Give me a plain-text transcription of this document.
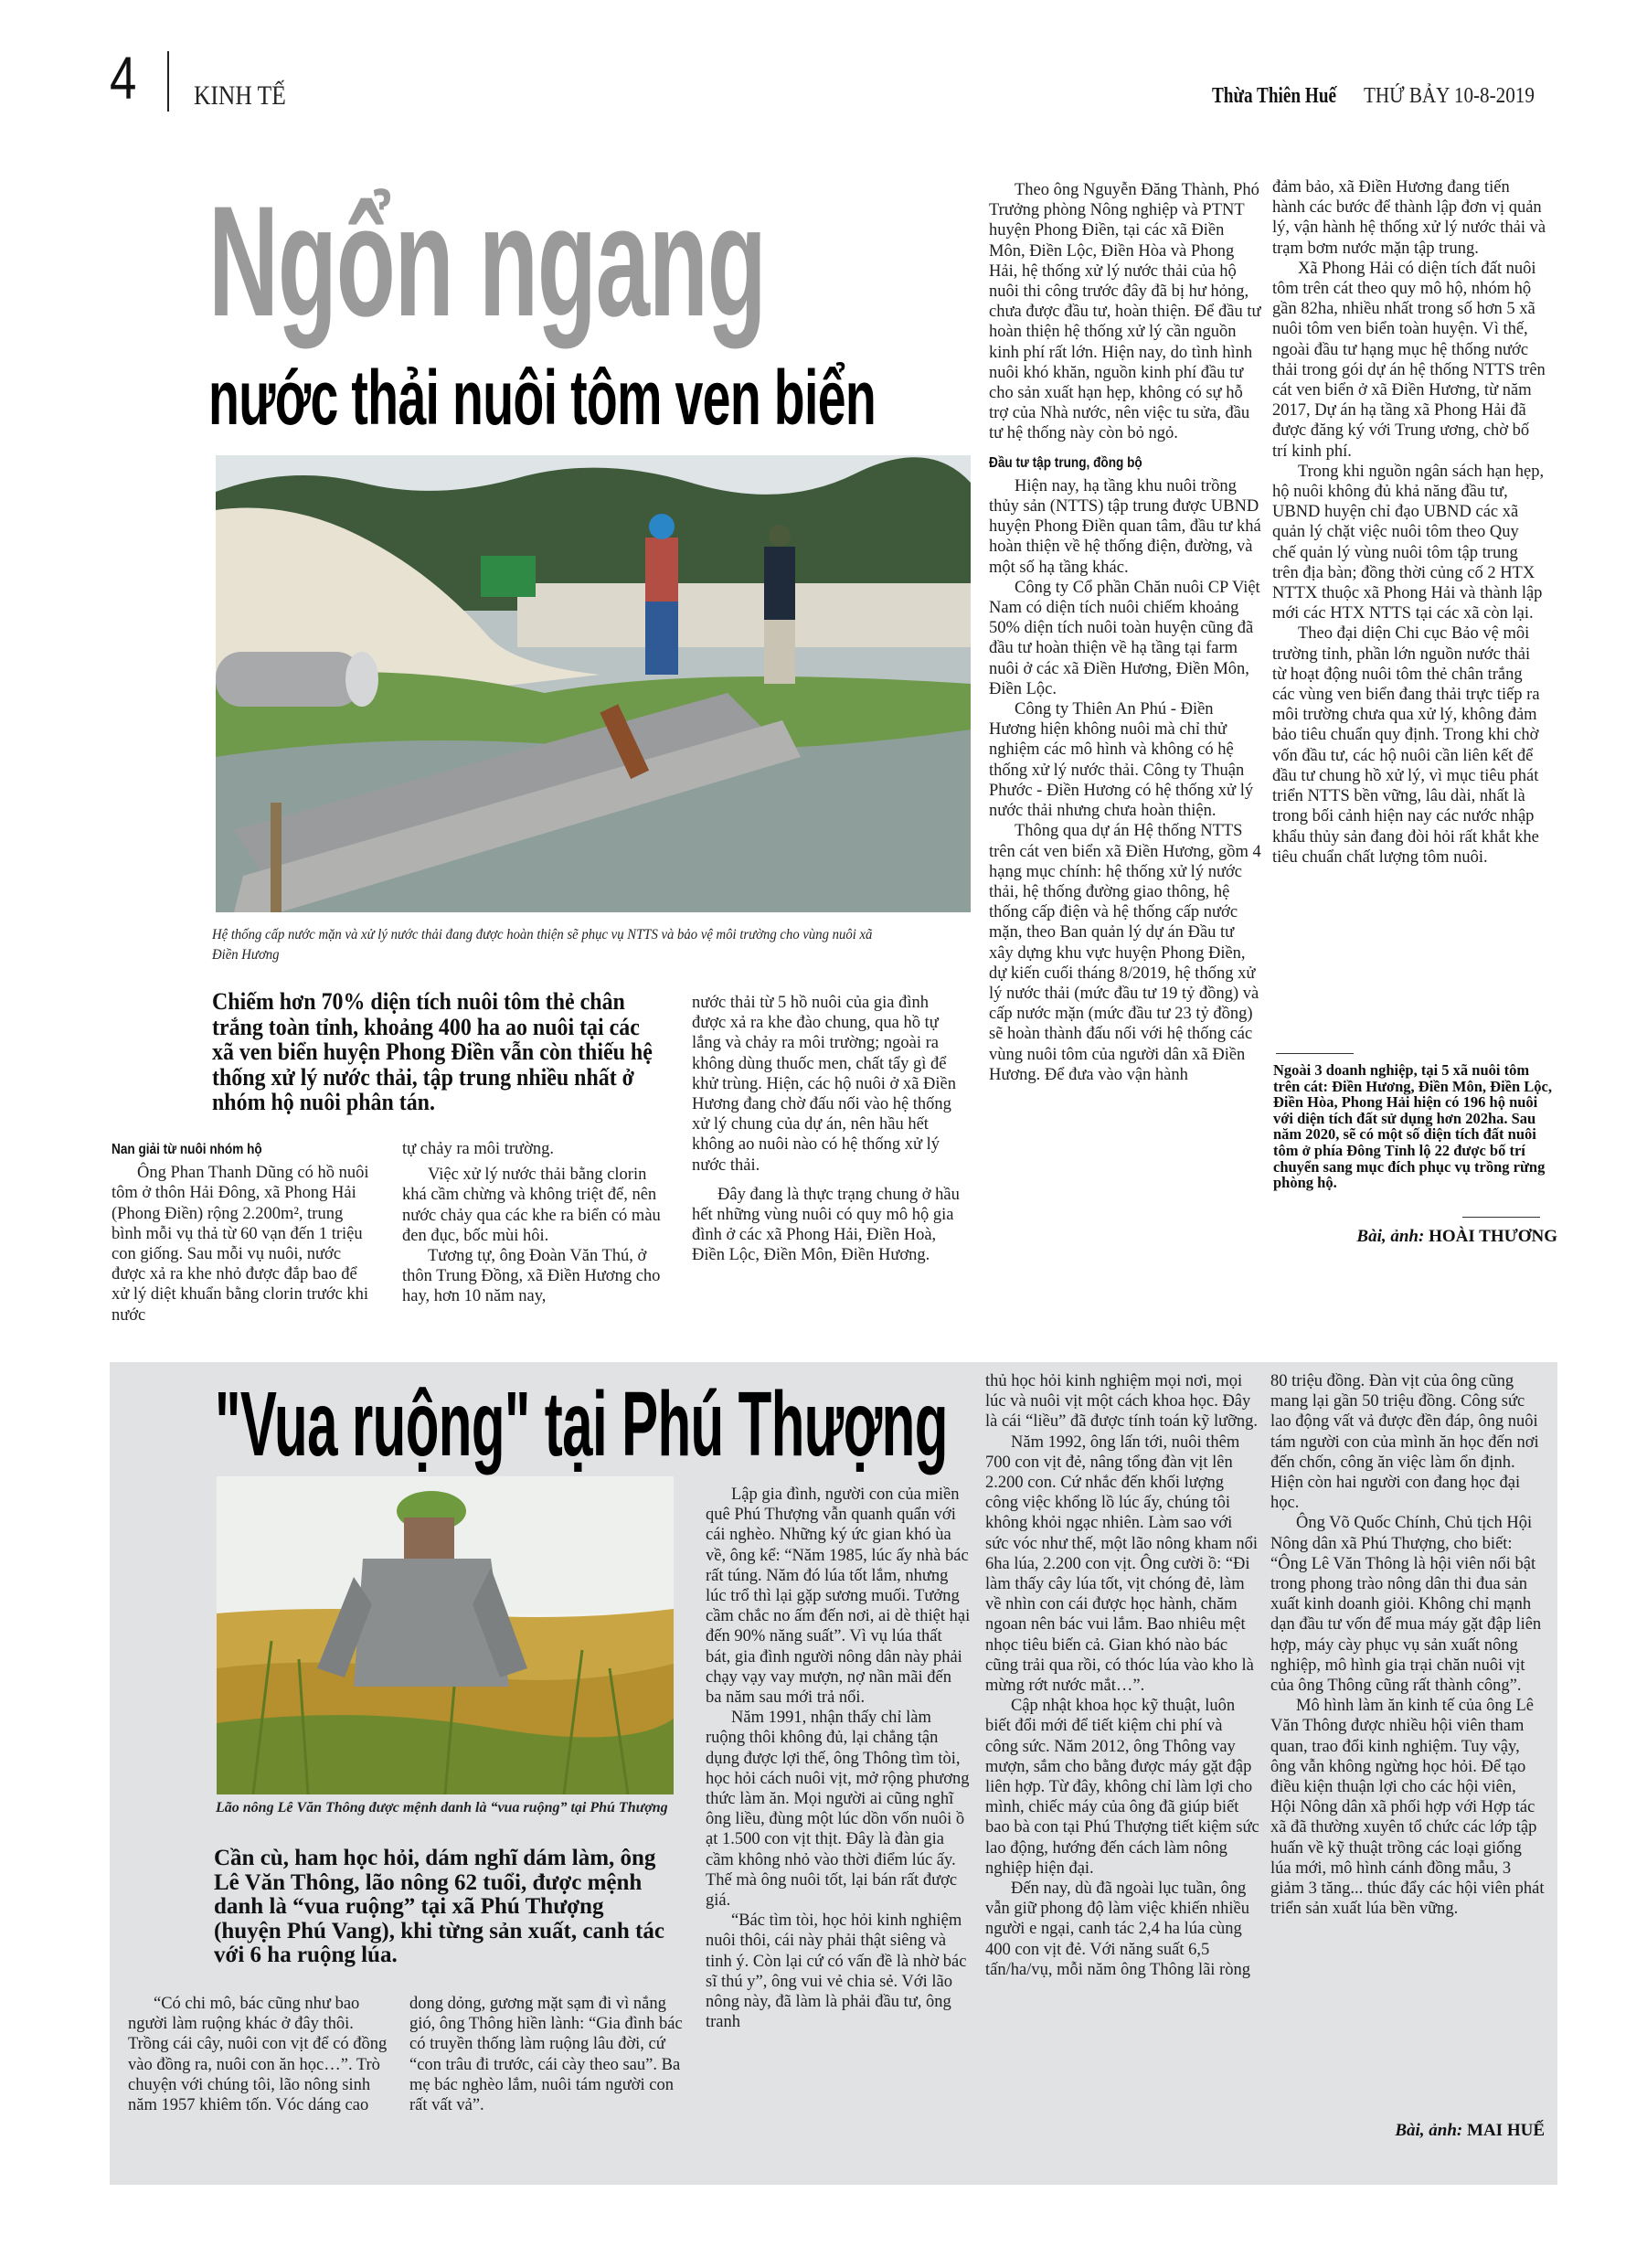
4 KINH TẾ	Thừa Thiên Huế THỨ BẢY 10-8-2019
Ngổn ngang
nước thải nuôi tôm ven biển
Hệ thống cấp nước mặn và xử lý nước thải đang được hoàn thiện sẽ phục vụ NTTS và bảo vệ môi trường cho vùng nuôi xã Điền Hương
Chiếm hơn 70% diện tích nuôi tôm thẻ chân trắng toàn tỉnh, khoảng 400 ha ao nuôi tại các xã ven biển huyện Phong Điền vẫn còn thiếu hệ thống xử lý nước thải, tập trung nhiều nhất ở nhóm hộ nuôi phân tán.
Nan giải từ nuôi nhóm hộ

Ông Phan Thanh Dũng có hồ nuôi tôm ở thôn Hải Đông, xã Phong Hải (Phong Điền) rộng 2.200m², trung bình mỗi vụ thả từ 60 vạn đến 1 triệu con giống. Sau mỗi vụ nuôi, nước được xả ra khe nhỏ được đắp bao để xử lý diệt khuẩn bằng clorin trước khi nước

tự chảy ra môi trường.

Việc xử lý nước thải bằng clorin khá cầm chừng và không triệt để, nên nước chảy qua các khe ra biển có màu đen đục, bốc mùi hôi.

Tương tự, ông Đoàn Văn Thú, ở thôn Trung Đồng, xã Điền Hương cho hay, hơn 10 năm nay,

nước thải từ 5 hồ nuôi của gia đình được xả ra khe đào chung, qua hồ tự lắng và chảy ra môi trường; ngoài ra không dùng thuốc men, chất tẩy gì để khử trùng. Hiện, các hộ nuôi ở xã Điền Hương đang chờ đấu nối vào hệ thống xử lý chung của dự án, nên hầu hết không ao nuôi nào có hệ thống xử lý nước thải.

Đây đang là thực trạng chung ở hầu hết những vùng nuôi có quy mô hộ gia đình ở các xã Phong Hải, Điền Hoà, Điền Lộc, Điền Môn, Điền Hương.

Theo ông Nguyễn Đăng Thành, Phó Trưởng phòng Nông nghiệp và PTNT huyện Phong Điền, tại các xã Điền Môn, Điền Lộc, Điền Hòa và Phong Hải, hệ thống xử lý nước thải của hộ nuôi thi công trước đây đã bị hư hỏng, chưa được đầu tư, hoàn thiện. Để đầu tư hoàn thiện hệ thống xử lý cần nguồn kinh phí rất lớn. Hiện nay, do tình hình nuôi khó khăn, nguồn kinh phí đầu tư cho sản xuất hạn hẹp, không có sự hỗ trợ của Nhà nước, nên việc tu sửa, đầu tư hệ thống này còn bỏ ngỏ.

Đầu tư tập trung, đồng bộ

Hiện nay, hạ tầng khu nuôi trồng thủy sản (NTTS) tập trung được UBND huyện Phong Điền quan tâm, đầu tư khá hoàn thiện về hệ thống điện, đường, và một số hạ tầng khác.

Công ty Cổ phần Chăn nuôi CP Việt Nam có diện tích nuôi chiếm khoảng 50% diện tích nuôi toàn huyện cũng đã đầu tư hoàn thiện về hạ tầng tại farm nuôi ở các xã Điền Hương, Điền Môn, Điền Lộc.

Công ty Thiên An Phú - Điền Hương hiện không nuôi mà chỉ thử nghiệm các mô hình và không có hệ thống xử lý nước thải. Công ty Thuận Phước - Điền Hương có hệ thống xử lý nước thải nhưng chưa hoàn thiện.

Thông qua dự án Hệ thống NTTS trên cát ven biển xã Điền Hương, gồm 4 hạng mục chính: hệ thống xử lý nước thải, hệ thống đường giao thông, hệ thống cấp điện và hệ thống cấp nước mặn, theo Ban quản lý dự án Đầu tư xây dựng khu vực huyện Phong Điền, dự kiến cuối tháng 8/2019, hệ thống xử lý nước thải (mức đầu tư 19 tỷ đồng) và cấp nước mặn (mức đầu tư 23 tỷ đồng) sẽ hoàn thành đấu nối với hệ thống các vùng nuôi tôm của người dân xã Điền Hương. Để đưa vào vận hành

đảm bảo, xã Điền Hương đang tiến hành các bước để thành lập đơn vị quản lý, vận hành hệ thống xử lý nước thải và trạm bơm nước mặn tập trung.

Xã Phong Hải có diện tích đất nuôi tôm trên cát theo quy mô hộ, nhóm hộ gần 82ha, nhiều nhất trong số hơn 5 xã nuôi tôm ven biển toàn huyện. Vì thế, ngoài đầu tư hạng mục hệ thống nước thải trong gói dự án hệ thống NTTS trên cát ven biển ở xã Điền Hương, từ năm 2017, Dự án hạ tầng xã Phong Hải đã được đăng ký với Trung ương, chờ bố trí kinh phí.

Trong khi nguồn ngân sách hạn hẹp, hộ nuôi không đủ khả năng đầu tư, UBND huyện chỉ đạo UBND các xã quản lý chặt việc nuôi tôm theo Quy chế quản lý vùng nuôi tôm tập trung trên địa bàn; đồng thời củng cố 2 HTX NTTX thuộc xã Phong Hải và thành lập mới các HTX NTTS tại các xã còn lại.

Theo đại diện Chi cục Bảo vệ môi trường tỉnh, phần lớn nguồn nước thải từ hoạt động nuôi tôm thẻ chân trắng các vùng ven biển đang thải trực tiếp ra môi trường chưa qua xử lý, không đảm bảo tiêu chuẩn quy định. Trong khi chờ vốn đầu tư, các hộ nuôi cần liên kết để đầu tư chung hồ xử lý, vì mục tiêu phát triển NTTS bền vững, lâu dài, nhất là trong bối cảnh hiện nay các nước nhập khẩu thủy sản đang đòi hỏi rất khắt khe tiêu chuẩn chất lượng tôm nuôi.

Ngoài 3 doanh nghiệp, tại 5 xã nuôi tôm trên cát: Điền Hương, Điền Môn, Điền Lộc, Điền Hòa, Phong Hải hiện có 196 hộ nuôi với diện tích đất sử dụng hơn 202ha. Sau năm 2020, sẽ có một số diện tích đất nuôi tôm ở phía Đông Tỉnh lộ 22 được bố trí chuyển sang mục đích phục vụ trồng rừng phòng hộ.
Bài, ảnh: HOÀI THƯƠNG
"Vua ruộng" tại Phú Thượng
Lão nông Lê Văn Thông được mệnh danh là “vua ruộng” tại Phú Thượng
Cần cù, ham học hỏi, dám nghĩ dám làm, ông Lê Văn Thông, lão nông 62 tuổi, được mệnh danh là “vua ruộng” tại xã Phú Thượng (huyện Phú Vang), khi từng sản xuất, canh tác với 6 ha ruộng lúa.

“Có chi mô, bác cũng như bao người làm ruộng khác ở đây thôi. Trồng cái cây, nuôi con vịt để có đồng vào đồng ra, nuôi con ăn học…”. Trò chuyện với chúng tôi, lão nông sinh năm 1957 khiêm tốn. Vóc dáng cao

dong dỏng, gương mặt sạm đi vì nắng gió, ông Thông hiền lành: “Gia đình bác có truyền thống làm ruộng lâu đời, cứ “con trâu đi trước, cái cày theo sau”. Ba mẹ bác nghèo lắm, nuôi tám người con rất vất vả”.

Lập gia đình, người con của miền quê Phú Thượng vẫn quanh quẩn với cái nghèo. Những ký ức gian khó ùa về, ông kể: “Năm 1985, lúc ấy nhà bác rất túng. Năm đó lúa tốt lắm, nhưng lúc trổ thì lại gặp sương muối. Tưởng cầm chắc no ấm đến nơi, ai dè thiệt hại đến 90% năng suất”. Vì vụ lúa thất bát, gia đình người nông dân này phải chạy vạy vay mượn, nợ nần mãi đến ba năm sau mới trả nổi.

Năm 1991, nhận thấy chỉ làm ruộng thôi không đủ, lại chẳng tận dụng được lợi thế, ông Thông tìm tòi, học hỏi cách nuôi vịt, mở rộng phương thức làm ăn. Mọi người ai cũng nghĩ ông liều, đùng một lúc dồn vốn nuôi ồ ạt 1.500 con vịt thịt. Đây là đàn gia cầm không nhỏ vào thời điểm lúc ấy. Thế mà ông nuôi tốt, lại bán rất được giá.

“Bác tìm tòi, học hỏi kinh nghiệm nuôi thôi, cái này phải thật siêng và tinh ý. Còn lại cứ có vấn đề là nhờ bác sĩ thú y”, ông vui vẻ chia sẻ. Với lão nông này, đã làm là phải đầu tư, ông tranh

thủ học hỏi kinh nghiệm mọi nơi, mọi lúc và nuôi vịt một cách khoa học. Đây là cái “liều” đã được tính toán kỹ lưỡng.

Năm 1992, ông lấn tới, nuôi thêm 700 con vịt đẻ, nâng tổng đàn vịt lên 2.200 con. Cứ nhắc đến khối lượng công việc khổng lồ lúc ấy, chúng tôi không khỏi ngạc nhiên. Làm sao với sức vóc như thế, một lão nông kham nổi 6ha lúa, 2.200 con vịt. Ông cười ồ: “Đi làm thấy cây lúa tốt, vịt chóng đẻ, làm về nhìn con cái được học hành, chăm ngoan nên bác vui lắm. Bao nhiêu mệt nhọc tiêu biến cả. Gian khó nào bác cũng trải qua rồi, có thóc lúa vào kho là mừng rớt nước mắt…”.

Cập nhật khoa học kỹ thuật, luôn biết đổi mới để tiết kiệm chi phí và công sức. Năm 2012, ông Thông vay mượn, sắm cho bằng được máy gặt đập liên hợp. Từ đây, không chỉ làm lợi cho mình, chiếc máy của ông đã giúp biết bao bà con tại Phú Thượng tiết kiệm sức lao động, hướng đến cách làm nông nghiệp hiện đại.

Đến nay, dù đã ngoài lục tuần, ông vẫn giữ phong độ làm việc khiến nhiều người e ngại, canh tác 2,4 ha lúa cùng 400 con vịt đẻ. Với năng suất 6,5 tấn/ha/vụ, mỗi năm ông Thông lãi ròng

80 triệu đồng. Đàn vịt của ông cũng mang lại gần 50 triệu đồng. Công sức lao động vất vả được đền đáp, ông nuôi tám người con của mình ăn học đến nơi đến chốn, công ăn việc làm ổn định. Hiện còn hai người con đang học đại học.

Ông Võ Quốc Chính, Chủ tịch Hội Nông dân xã Phú Thượng, cho biết: “Ông Lê Văn Thông là hội viên nổi bật trong phong trào nông dân thi đua sản xuất kinh doanh giỏi. Không chỉ mạnh dạn đầu tư vốn để mua máy gặt đập liên hợp, máy cày phục vụ sản xuất nông nghiệp, mô hình gia trại chăn nuôi vịt của ông Thông cũng rất thành công”.

Mô hình làm ăn kinh tế của ông Lê Văn Thông được nhiều hội viên tham quan, trao đổi kinh nghiệm. Tuy vậy, ông vẫn không ngừng học hỏi. Để tạo điều kiện thuận lợi cho các hội viên, Hội Nông dân xã phối hợp với Hợp tác xã đã thường xuyên tổ chức các lớp tập huấn về kỹ thuật trồng các loại giống lúa mới, mô hình cánh đồng mẫu, 3 giảm 3 tăng... thúc đẩy các hội viên phát triển sản xuất lúa bền vững.

Bài, ảnh: MAI HUẾ
